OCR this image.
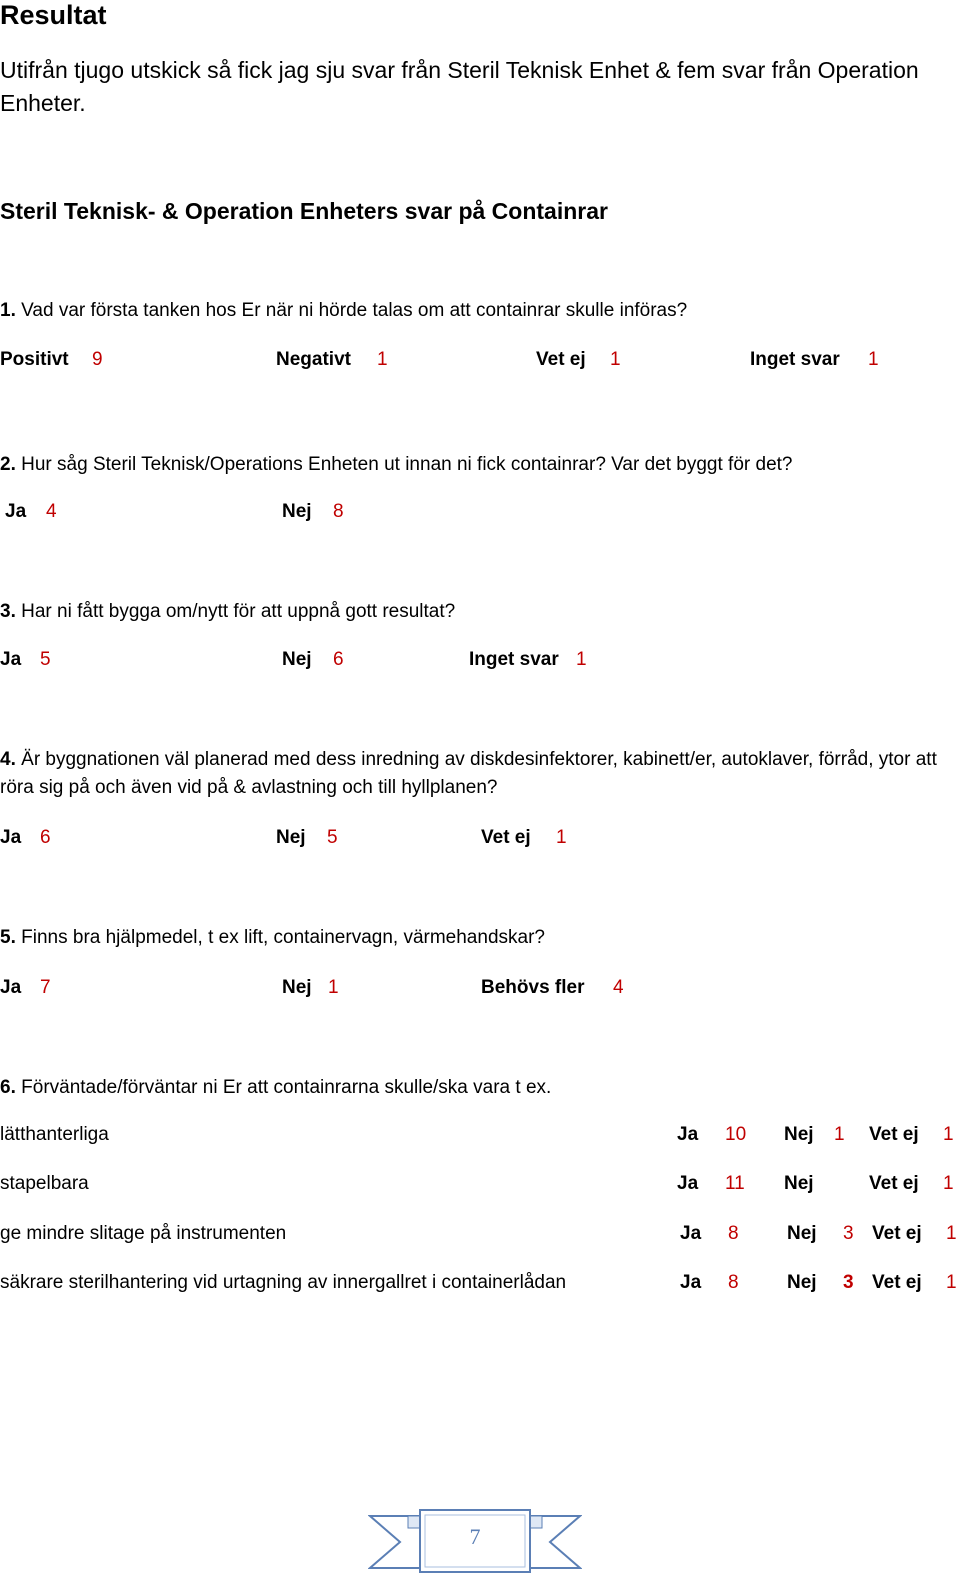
Resultat
Utifrån tjugo utskick så fick jag sju svar från Steril Teknisk Enhet & fem svar från Operation Enheter.
Steril Teknisk- & Operation Enheters svar på Containrar
1. Vad var första tanken hos Er när ni hörde talas om att containrar skulle införas?
Positivt 9	Negativt 1	Vet ej 1	Inget svar 1
2. Hur såg Steril Teknisk/Operations Enheten ut innan ni fick containrar? Var det byggt för det?
Ja 4	Nej 8
3. Har ni fått bygga om/nytt för att uppnå gott resultat?
Ja 5	Nej 6	Inget svar 1
4. Är byggnationen väl planerad med dess inredning av diskdesinfektorer, kabinett/er, autoklaver, förråd, ytor att röra sig på och även vid på & avlastning och till hyllplanen?
Ja 6	Nej 5	Vet ej 1
5. Finns bra hjälpmedel, t ex lift, containervagn, värmehandskar?
Ja 7	Nej 1	Behövs fler 4
6. Förväntade/förväntar ni Er att containrarna skulle/ska vara t ex.
lätthanterliga	Ja 10 Nej 1 Vet ej 1
stapelbara	Ja 11 Nej	Vet ej 1
ge mindre slitage på instrumenten	Ja 8	Nej 3 Vet ej 1
säkrare sterilhantering vid urtagning av innergallret i containerlådan	Ja 8	Nej 3 Vet ej 1
7
